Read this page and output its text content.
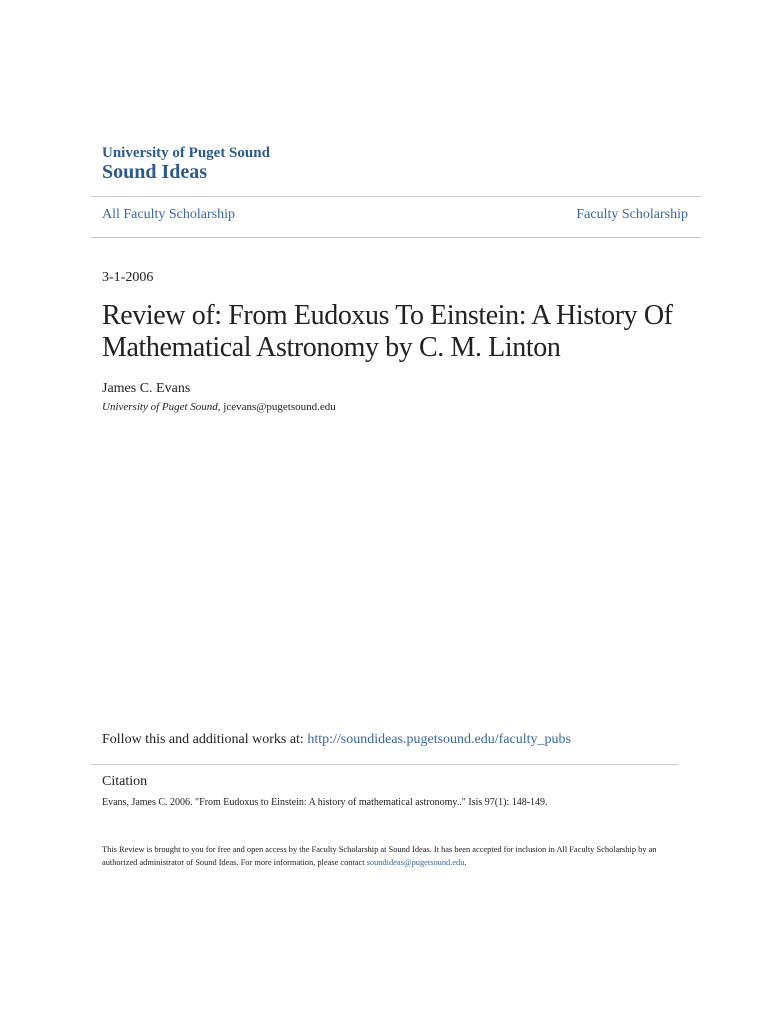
University of Puget Sound
Sound Ideas
All Faculty Scholarship	Faculty Scholarship
3-1-2006
Review of: From Eudoxus To Einstein: A History Of Mathematical Astronomy by C. M. Linton
James C. Evans
University of Puget Sound, jcevans@pugetsound.edu
Follow this and additional works at: http://soundideas.pugetsound.edu/faculty_pubs
Citation
Evans, James C. 2006. "From Eudoxus to Einstein: A history of mathematical astronomy.." Isis 97(1): 148-149.
This Review is brought to you for free and open access by the Faculty Scholarship at Sound Ideas. It has been accepted for inclusion in All Faculty Scholarship by an authorized administrator of Sound Ideas. For more information, please contact soundideas@pugetsound.edu.
